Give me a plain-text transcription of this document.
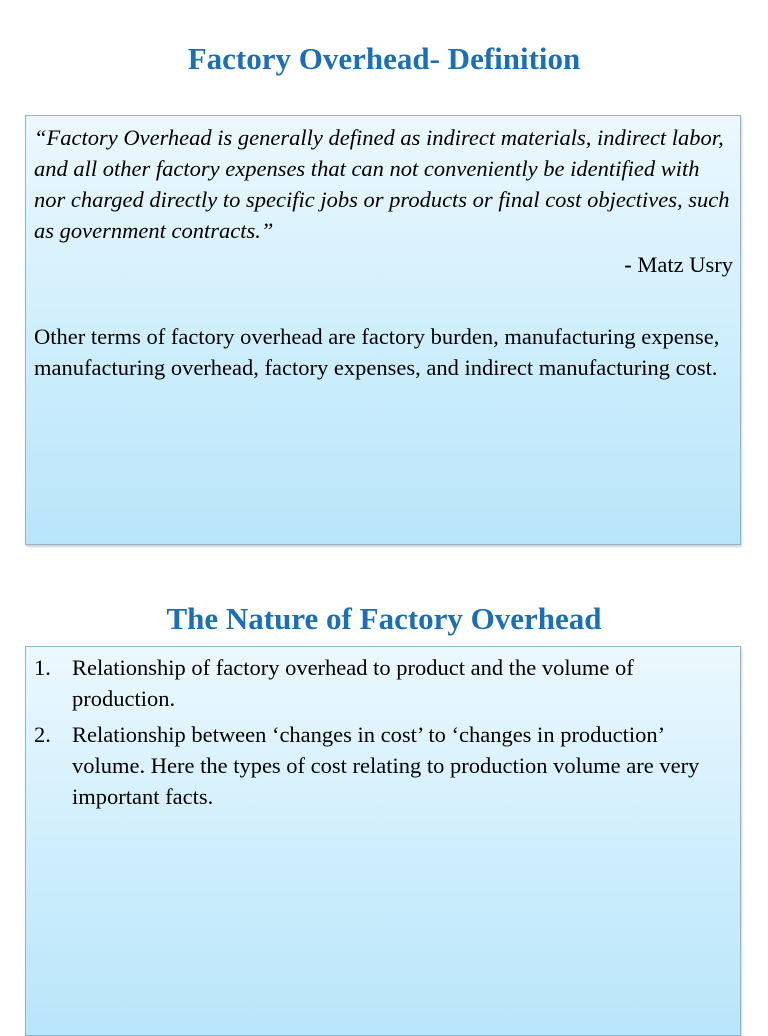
Factory Overhead- Definition

“Factory Overhead is generally defined as indirect materials, indirect labor, and all other factory expenses that can not conveniently be identified with nor charged directly to specific jobs or products or final cost objectives, such as government contracts.”

- Matz Usry

Other terms of factory overhead are factory burden, manufacturing expense, manufacturing overhead, factory expenses, and indirect manufacturing cost.

The Nature of Factory Overhead
1. Relationship of factory overhead to product and the volume of production.
2. Relationship between ‘changes in cost’ to ‘changes in production’ volume. Here the types of cost relating to production volume are very important facts.
